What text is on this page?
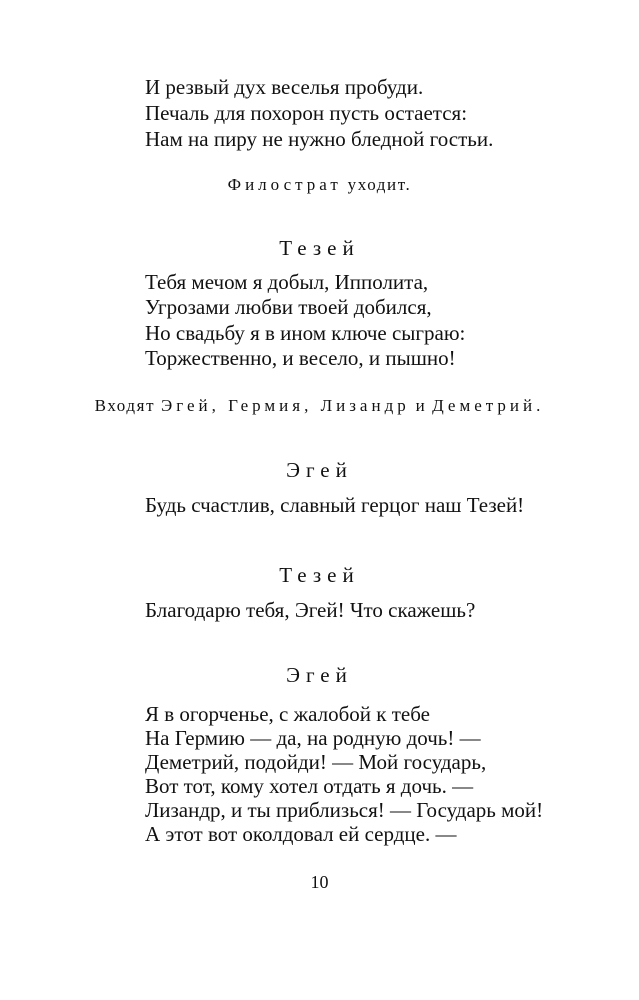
И резвый дух веселья пробуди.
Печаль для похорон пусть остается:
Нам на пиру не нужно бледной гостьи.
Филострат уходит.
Тезей
Тебя мечом я добыл, Ипполита,
Угрозами любви твоей добился,
Но свадьбу я в ином ключе сыграю:
Торжественно, и весело, и пышно!
Входят Эгей, Гермия, Лизандр и Деметрий.
Эгей
Будь счастлив, славный герцог наш Тезей!
Тезей
Благодарю тебя, Эгей! Что скажешь?
Эгей
Я в огорченье, с жалобой к тебе
На Гермию — да, на родную дочь! —
Деметрий, подойди! — Мой государь,
Вот тот, кому хотел отдать я дочь. —
Лизандр, и ты приблизься! — Государь мой!
А этот вот околдовал ей сердце. —
10
